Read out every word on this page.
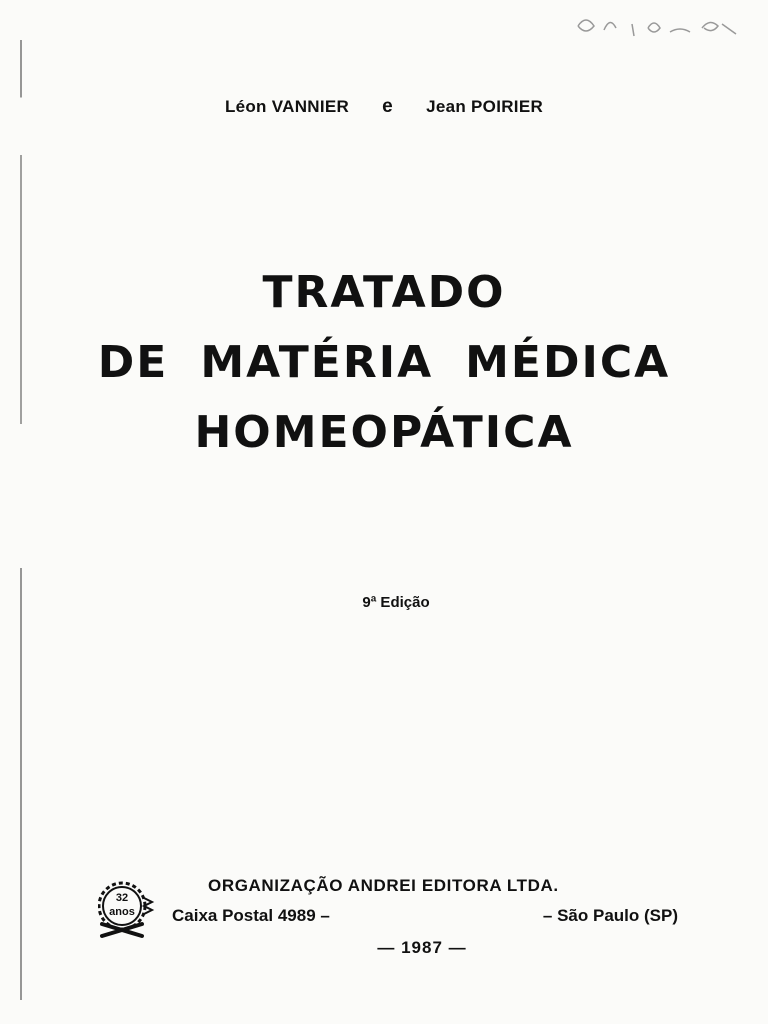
Léon VANNIER e Jean POIRIER
TRATADO
DE MATÉRIA MÉDICA
HOMEOPÁTICA
9ª Edição
32
anos
ORGANIZAÇÃO ANDREI EDITORA LTDA.
Caixa Postal 4989 –	– São Paulo (SP)
— 1987 —
